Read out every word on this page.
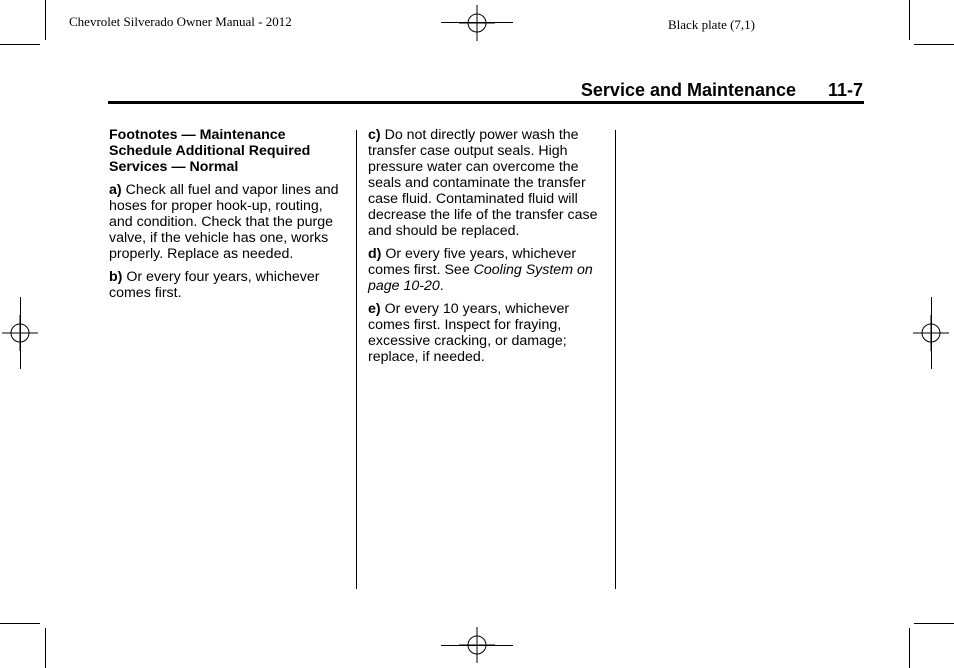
Chevrolet Silverado Owner Manual - 2012	Black plate (7,1)
Service and Maintenance 11-7

Footnotes — Maintenance Schedule Additional Required Services — Normal

a) Check all fuel and vapor lines and hoses for proper hook-up, routing, and condition. Check that the purge valve, if the vehicle has one, works properly. Replace as needed.

b) Or every four years, whichever comes first.

c) Do not directly power wash the transfer case output seals. High pressure water can overcome the seals and contaminate the transfer case fluid. Contaminated fluid will decrease the life of the transfer case and should be replaced.

d) Or every five years, whichever comes first. See Cooling System on page 10-20.

e) Or every 10 years, whichever comes first. Inspect for fraying, excessive cracking, or damage; replace, if needed.
